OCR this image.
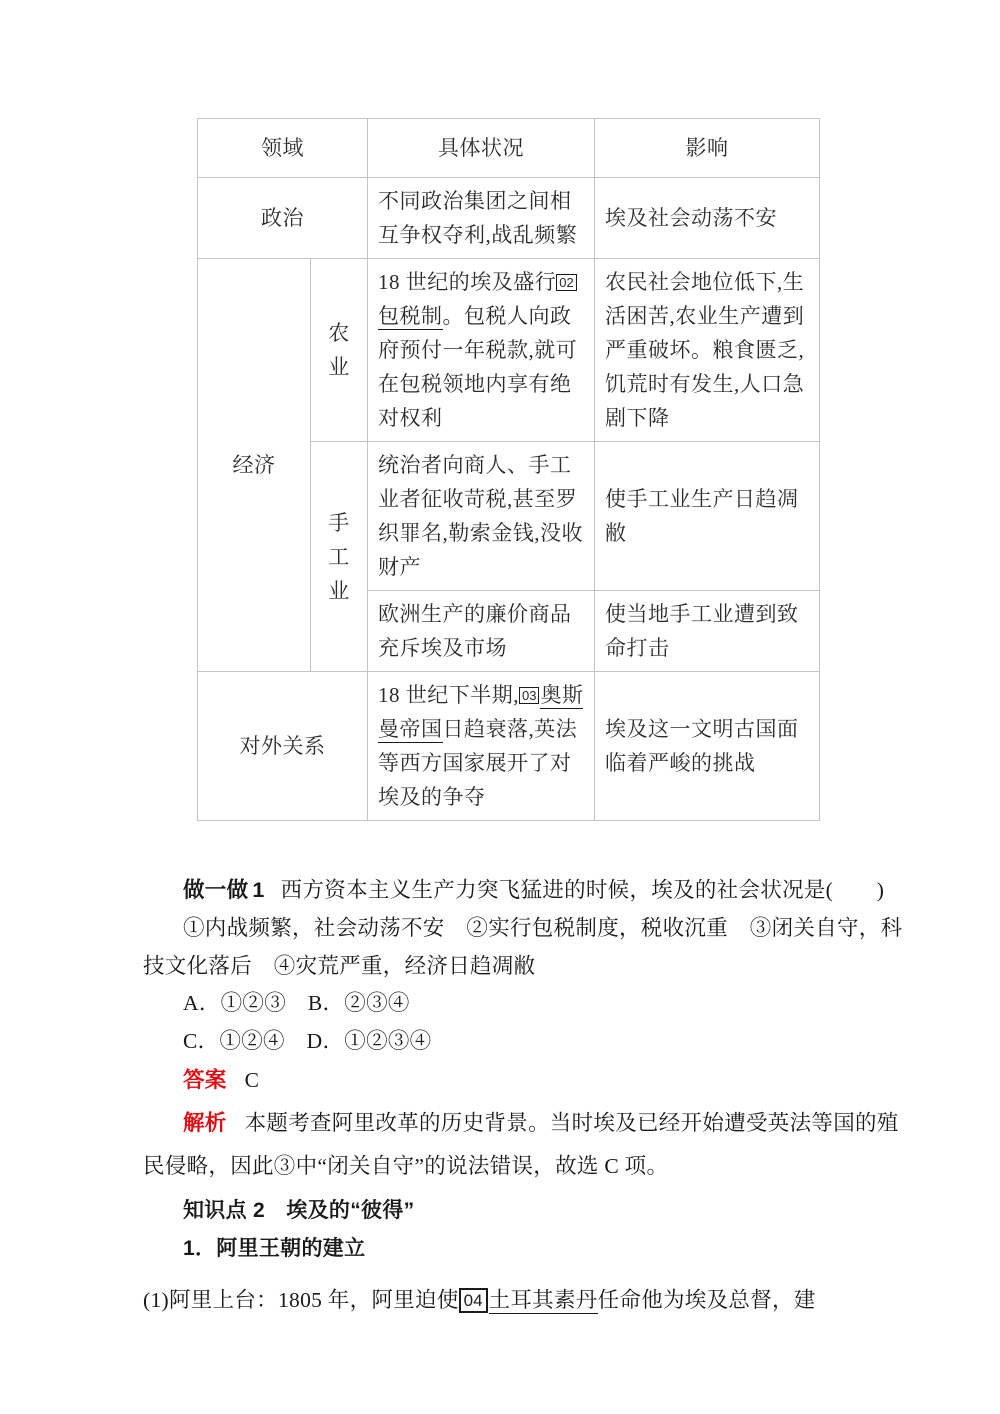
领域		具体状况	影响
政治		不同政治集团之间相互争权夺利,战乱频繁	埃及社会动荡不安
经济	农业	18 世纪的埃及盛行 02包税制。包税人向政府预付一年税款,就可在包税领地内享有绝对权利	农民社会地位低下,生活困苦,农业生产遭到严重破坏。粮食匮乏,饥荒时有发生,人口急剧下降
	手工业	统治者向商人、手工业者征收苛税,甚至罗织罪名,勒索金钱,没收财产	使手工业生产日趋凋敝
		欧洲生产的廉价商品充斥埃及市场	使当地手工业遭到致命打击
对外关系		18 世纪下半期, 03 奥斯曼帝国日趋衰落,英法等西方国家展开了对埃及的争夺	埃及这一文明古国面临着严峻的挑战
做一做 1 西方资本主义生产力突飞猛进的时候，埃及的社会状况是(　　)
①内战频繁，社会动荡不安　②实行包税制度，税收沉重　③闭关自守，科
技文化落后　④灾荒严重，经济日趋凋敝
A．①②③　B．②③④
C．①②④　D．①②③④
答案 C
解析 本题考查阿里改革的历史背景。当时埃及已经开始遭受英法等国的殖
民侵略，因此③中“闭关自守”的说法错误，故选 C 项。
知识点 2　埃及的“彼得”
1．阿里王朝的建立
(1)阿里上台：1805 年，阿里迫使 04 土耳其素丹任命他为埃及总督，建
